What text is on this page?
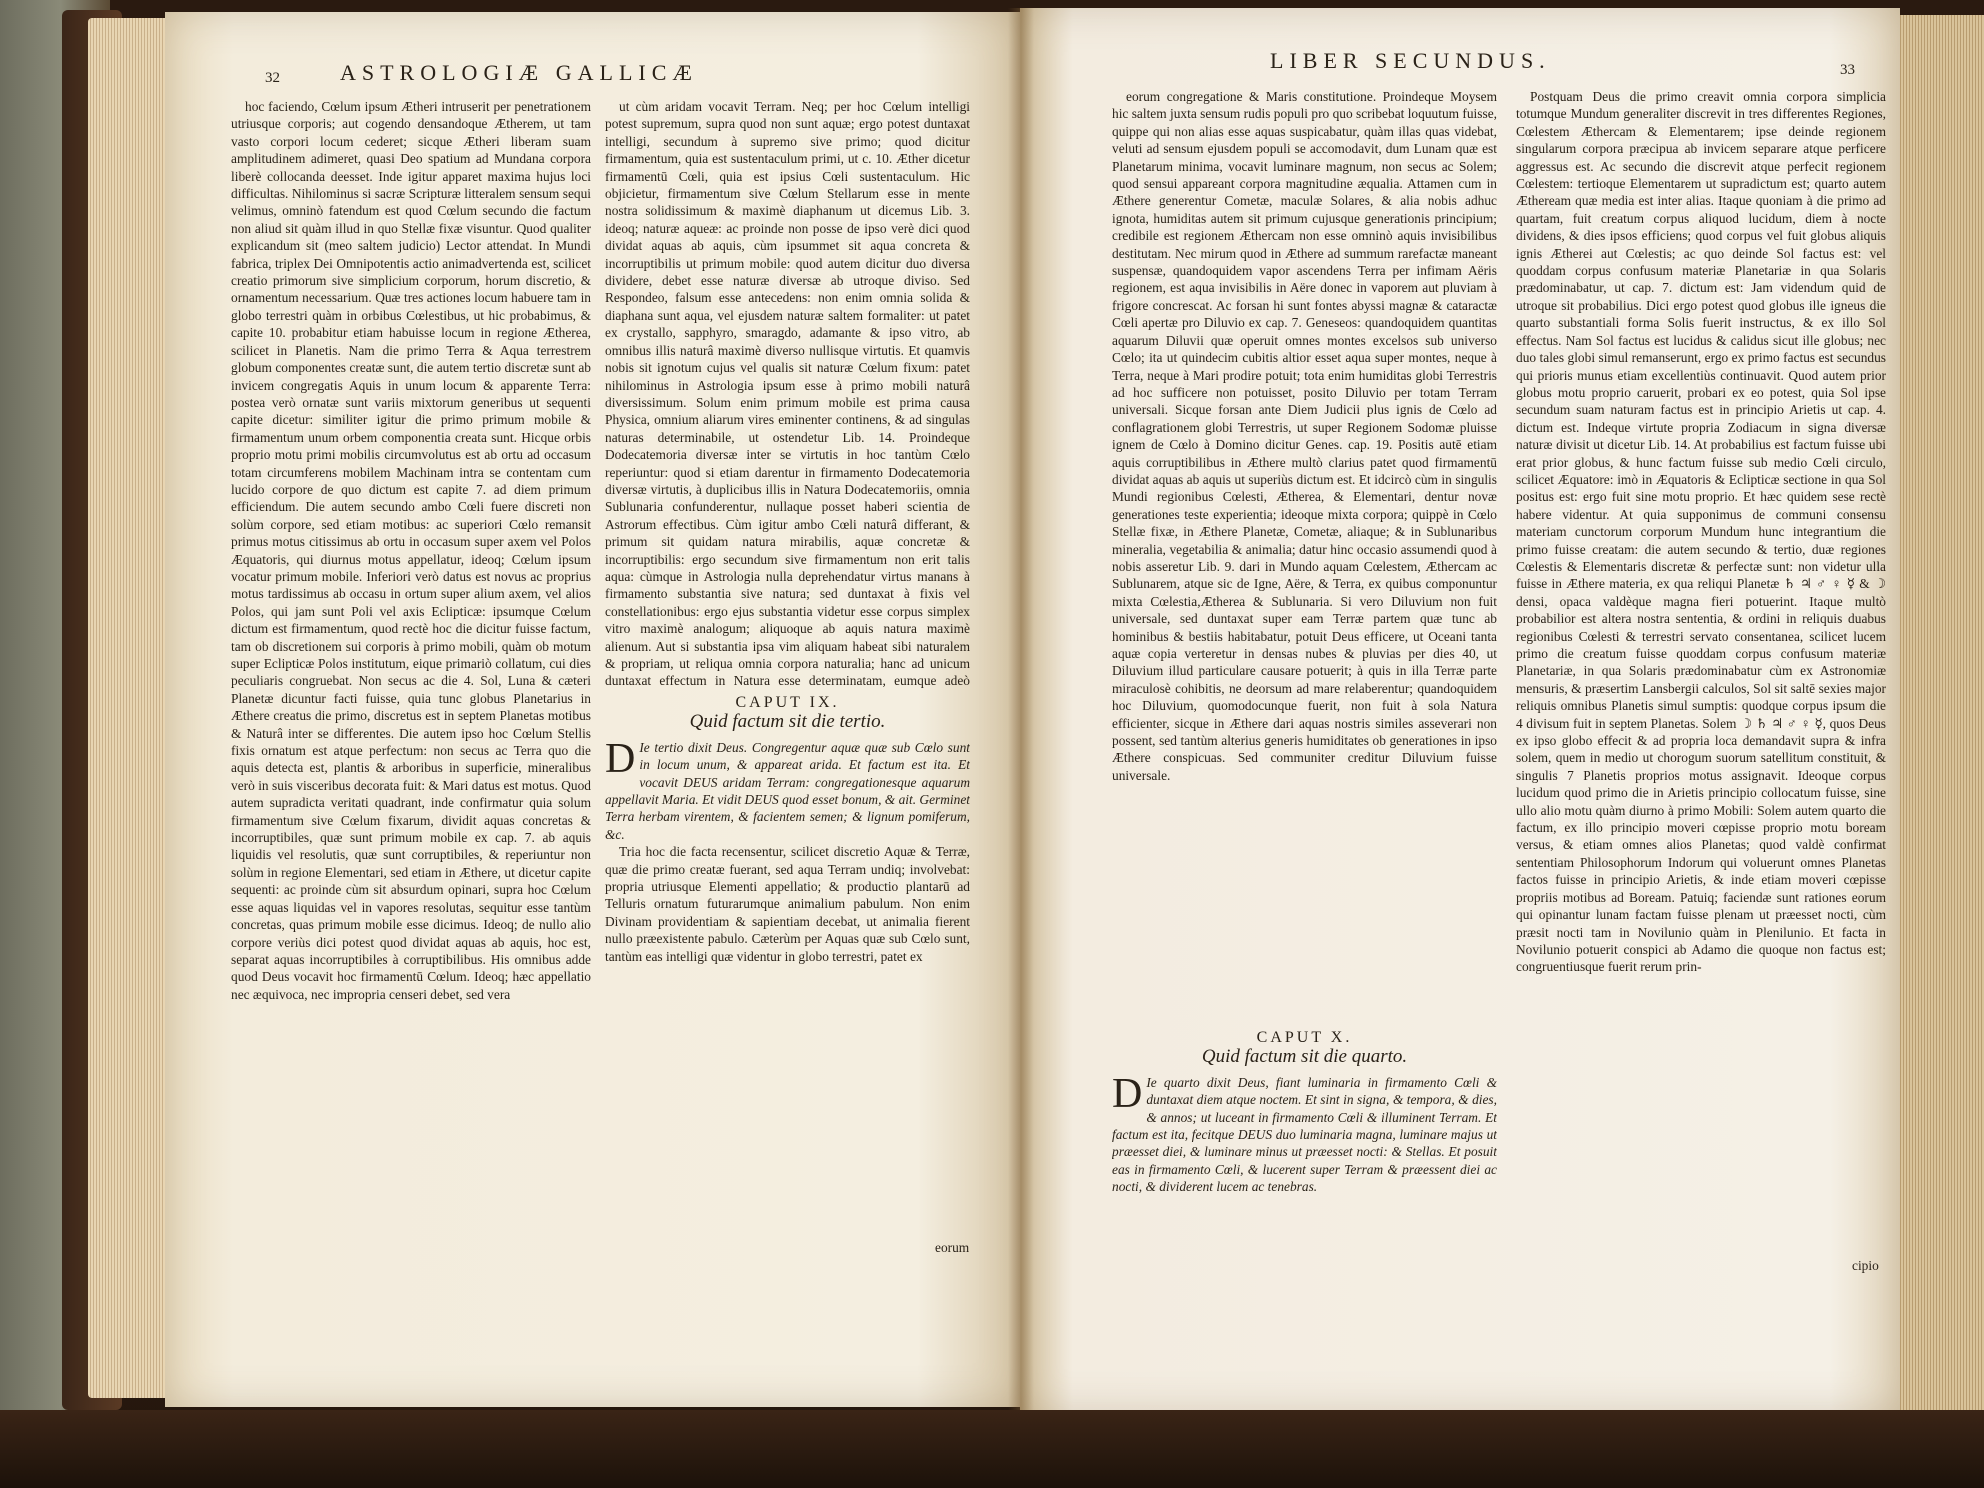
32	ASTROLOGIÆ GALLICÆ

hoc faciendo, Cœlum ipsum Ætheri intruserit per penetrationem utriusque corporis; aut cogendo densandoque Ætherem, ut tam vasto corpori locum cederet; sicque Ætheri liberam suam amplitudinem adimeret, quasi Deo spatium ad Mundana corpora liberè collocanda deesset. Inde igitur apparet maxima hujus loci difficultas. Nihilominus si sacræ Scripturæ litteralem sensum sequi velimus, omninò fatendum est quod Cœlum secundo die factum non aliud sit quàm illud in quo Stellæ fixæ visuntur. Quod qualiter explicandum sit (meo saltem judicio) Lector attendat. In Mundi fabrica, triplex Dei Omnipotentis actio animadvertenda est, scilicet creatio primorum sive simplicium corporum, horum discretio, & ornamentum necessarium. Quæ tres actiones locum habuere tam in globo terrestri quàm in orbibus Cœlestibus, ut hic probabimus, & capite 10. probabitur etiam habuisse locum in regione Ætherea, scilicet in Planetis. Nam die primo Terra & Aqua terrestrem globum componentes creatæ sunt, die autem tertio discretæ sunt ab invicem congregatis Aquis in unum locum & apparente Terra: postea verò ornatæ sunt variis mixtorum generibus ut sequenti capite dicetur: similiter igitur die primo primum mobile & firmamentum unum orbem componentia creata sunt. Hicque orbis proprio motu primi mobilis circumvolutus est ab ortu ad occasum totam circumferens mobilem Machinam intra se contentam cum lucido corpore de quo dictum est capite 7. ad diem primum efficiendum. Die autem secundo ambo Cœli fuere discreti non solùm corpore, sed etiam motibus: ac superiori Cœlo remansit primus motus citissimus ab ortu in occasum super axem vel Polos Æquatoris, qui diurnus motus appellatur, ideoq; Cœlum ipsum vocatur primum mobile. Inferiori verò datus est novus ac proprius motus tardissimus ab occasu in ortum super alium axem, vel alios Polos, qui jam sunt Poli vel axis Eclipticæ: ipsumque Cœlum dictum est firmamentum, quod rectè hoc die dicitur fuisse factum, tam ob discretionem sui corporis à primo mobili, quàm ob motum super Eclipticæ Polos institutum, eique primariò collatum, cui dies peculiaris congruebat. Non secus ac die 4. Sol, Luna & cæteri Planetæ dicuntur facti fuisse, quia tunc globus Planetarius in Æthere creatus die primo, discretus est in septem Planetas motibus & Naturâ inter se differentes. Die autem ipso hoc Cœlum Stellis fixis ornatum est atque perfectum: non secus ac Terra quo die aquis detecta est, plantis & arboribus in superficie, mineralibus verò in suis visceribus decorata fuit: & Mari datus est motus. Quod autem supradicta veritati quadrant, inde confirmatur quia solum firmamentum sive Cœlum fixarum, dividit aquas concretas & incorruptibiles, quæ sunt primum mobile ex cap. 7. ab aquis liquidis vel resolutis, quæ sunt corruptibiles, & reperiuntur non solùm in regione Elementari, sed etiam in Æthere, ut dicetur capite sequenti: ac proinde cùm sit absurdum opinari, supra hoc Cœlum esse aquas liquidas vel in vapores resolutas, sequitur esse tantùm concretas, quas primum mobile esse dicimus. Ideoq; de nullo alio corpore veriùs dici potest quod dividat aquas ab aquis, hoc est, separat aquas incorruptibiles à corruptibilibus. His omnibus adde quod Deus vocavit hoc firmamentū Cœlum. Ideoq; hæc appellatio nec æquivoca, nec impropria censeri debet, sed vera

ut cùm aridam vocavit Terram. Neq; per hoc Cœlum intelligi potest supremum, supra quod non sunt aquæ; ergo potest duntaxat intelligi, secundum à supremo sive primo; quod dicitur firmamentum, quia est sustentaculum primi, ut c. 10. Æther dicetur firmamentū Cœli, quia est ipsius Cœli sustentaculum. Hic objicietur, firmamentum sive Cœlum Stellarum esse in mente nostra solidissimum & maximè diaphanum ut dicemus Lib. 3. ideoq; naturæ aqueæ: ac proinde non posse de ipso verè dici quod dividat aquas ab aquis, cùm ipsummet sit aqua concreta & incorruptibilis ut primum mobile: quod autem dicitur duo diversa dividere, debet esse naturæ diversæ ab utroque diviso. Sed Respondeo, falsum esse antecedens: non enim omnia solida & diaphana sunt aqua, vel ejusdem naturæ saltem formaliter: ut patet ex crystallo, sapphyro, smaragdo, adamante & ipso vitro, ab omnibus illis naturâ maximè diverso nullisque virtutis. Et quamvis nobis sit ignotum cujus vel qualis sit naturæ Cœlum fixum: patet nihilominus in Astrologia ipsum esse à primo mobili naturâ diversissimum. Solum enim primum mobile est prima causa Physica, omnium aliarum vires eminenter continens, & ad singulas naturas determinabile, ut ostendetur Lib. 14. Proindeque Dodecatemoria diversæ inter se virtutis in hoc tantùm Cœlo reperiuntur: quod si etiam darentur in firmamento Dodecatemoria diversæ virtutis, à duplicibus illis in Natura Dodecatemoriis, omnia Sublunaria confunderentur, nullaque posset haberi scientia de Astrorum effectibus. Cùm igitur ambo Cœli naturâ differant, & primum sit quidam natura mirabilis, aquæ concretæ & incorruptibilis: ergo secundum sive firmamentum non erit talis aqua: cùmque in Astrologia nulla deprehendatur virtus manans à firmamento substantia sive natura; sed duntaxat à fixis vel constellationibus: ergo ejus substantia videtur esse corpus simplex vitro maximè analogum; aliquoque ab aquis natura maximè alienum. Aut si substantia ipsa vim aliquam habeat sibi naturalem & propriam, ut reliqua omnia corpora naturalia; hanc ad unicum duntaxat effectum in Natura esse determinatam, eumque adeò

CAPUT IX.
Quid factum sit die tertio.

D Ie tertio dixit Deus. Congregentur aquæ quæ sub Cœlo sunt in locum unum, & appareat arida. Et factum est ita. Et vocavit DEUS aridam Terram: congregationesque aquarum appellavit Maria. Et vidit DEUS quod esset bonum, & ait. Germinet Terra herbam virentem, & facientem semen; & lignum pomiferum, &c.

Tria hoc die facta recensentur, scilicet discretio Aquæ & Terræ, quæ die primo creatæ fuerant, sed aqua Terram undiq; involvebat: propria utriusque Elementi appellatio; & productio plantarū ad Telluris ornatum futurarumque animalium pabulum. Non enim Divinam providentiam & sapientiam decebat, ut animalia fierent nullo præexistente pabulo. Cæterùm per Aquas quæ sub Cœlo sunt, tantùm eas intelligi quæ videntur in globo terrestri, patet ex

eorum
LIBER SECUNDUS.	33

eorum congregatione & Maris constitutione. Proindeque Moysem hic saltem juxta sensum rudis populi pro quo scribebat loquutum fuisse, quippe qui non alias esse aquas suspicabatur, quàm illas quas videbat, veluti ad sensum ejusdem populi se accomodavit, dum Lunam quæ est Planetarum minima, vocavit luminare magnum, non secus ac Solem; quod sensui appareant corpora magnitudine æqualia. Attamen cum in Æthere generentur Cometæ, maculæ Solares, & alia nobis adhuc ignota, humiditas autem sit primum cujusque generationis principium; credibile est regionem Æthercam non esse omninò aquis invisibilibus destitutam. Nec mirum quod in Æthere ad summum rarefactæ maneant suspensæ, quandoquidem vapor ascendens Terra per infimam Aëris regionem, est aqua invisibilis in Aëre donec in vaporem aut pluviam à frigore concrescat. Ac forsan hi sunt fontes abyssi magnæ & cataractæ Cœli apertæ pro Diluvio ex cap. 7. Geneseos: quandoquidem quantitas aquarum Diluvii quæ operuit omnes montes excelsos sub universo Cœlo; ita ut quindecim cubitis altior esset aqua super montes, neque à Terra, neque à Mari prodire potuit; tota enim humiditas globi Terrestris ad hoc sufficere non potuisset, posito Diluvio per totam Terram universali. Sicque forsan ante Diem Judicii plus ignis de Cœlo ad conflagrationem globi Terrestris, ut super Regionem Sodomæ pluisse ignem de Cœlo à Domino dicitur Genes. cap. 19. Positis autē etiam aquis corruptibilibus in Æthere multò clarius patet quod firmamentū dividat aquas ab aquis ut superiùs dictum est. Et idcircò cùm in singulis Mundi regionibus Cœlesti, Ætherea, & Elementari, dentur novæ generationes teste experientia; ideoque mixta corpora; quippè in Cœlo Stellæ fixæ, in Æthere Planetæ, Cometæ, aliaque; & in Sublunaribus mineralia, vegetabilia & animalia; datur hinc occasio assumendi quod à nobis asseretur Lib. 9. dari in Mundo aquam Cœlestem, Æthercam ac Sublunarem, atque sic de Igne, Aëre, & Terra, ex quibus componuntur mixta Cœlestia,Ætherea & Sublunaria. Si vero Diluvium non fuit universale, sed duntaxat super eam Terræ partem quæ tunc ab hominibus & bestiis habitabatur, potuit Deus efficere, ut Oceani tanta aquæ copia verteretur in densas nubes & pluvias per dies 40, ut Diluvium illud particulare causare potuerit; à quis in illa Terræ parte miraculosè cohibitis, ne deorsum ad mare relaberentur; quandoquidem hoc Diluvium, quomodocunque fuerit, non fuit à sola Natura efficienter, sicque in Æthere dari aquas nostris similes asseverari non possent, sed tantùm alterius generis humiditates ob generationes in ipso Æthere conspicuas. Sed communiter creditur Diluvium fuisse universale.

CAPUT X.
Quid factum sit die quarto.

D Ie quarto dixit Deus, fiant luminaria in firmamento Cœli & duntaxat diem atque noctem. Et sint in signa, & tempora, & dies, & annos; ut luceant in firmamento Cœli & illuminent Terram. Et factum est ita, fecitque DEUS duo luminaria magna, luminare majus ut præesset diei, & luminare minus ut præesset nocti: & Stellas. Et posuit eas in firmamento Cœli, & lucerent super Terram & præessent diei ac nocti, & dividerent lucem ac tenebras.

Postquam Deus die primo creavit omnia corpora simplicia totumque Mundum generaliter discrevit in tres differentes Regiones, Cœlestem Æthercam & Elementarem; ipse deinde regionem singularum corpora præcipua ab invicem separare atque perficere aggressus est. Ac secundo die discrevit atque perfecit regionem Cœlestem: tertioque Elementarem ut supradictum est; quarto autem Ætheream quæ media est inter alias. Itaque quoniam à die primo ad quartam, fuit creatum corpus aliquod lucidum, diem à nocte dividens, & dies ipsos efficiens; quod corpus vel fuit globus aliquis ignis Ætherei aut Cœlestis; ac quo deinde Sol factus est: vel quoddam corpus confusum materiæ Planetariæ in qua Solaris prædominabatur, ut cap. 7. dictum est: Jam videndum quid de utroque sit probabilius. Dici ergo potest quod globus ille igneus die quarto substantiali forma Solis fuerit instructus, & ex illo Sol effectus. Nam Sol factus est lucidus & calidus sicut ille globus; nec duo tales globi simul remanserunt, ergo ex primo factus est secundus qui prioris munus etiam excellentiùs continuavit. Quod autem prior globus motu proprio caruerit, probari ex eo potest, quia Sol ipse secundum suam naturam factus est in principio Arietis ut cap. 4. dictum est. Indeque virtute propria Zodiacum in signa diversæ naturæ divisit ut dicetur Lib. 14. At probabilius est factum fuisse ubi erat prior globus, & hunc factum fuisse sub medio Cœli circulo, scilicet Æquatore: imò in Æquatoris & Eclipticæ sectione in qua Sol positus est: ergo fuit sine motu proprio. Et hæc quidem sese rectè habere videntur. At quia supponimus de communi consensu materiam cunctorum corporum Mundum hunc integrantium die primo fuisse creatam: die autem secundo & tertio, duæ regiones Cœlestis & Elementaris discretæ & perfectæ sunt: non videtur ulla fuisse in Æthere materia, ex qua reliqui Planetæ ♄ ♃ ♂ ♀ ☿ & ☽ densi, opaca valdèque magna fieri potuerint. Itaque multò probabilior est altera nostra sententia, & ordini in reliquis duabus regionibus Cœlesti & terrestri servato consentanea, scilicet lucem primo die creatum fuisse quoddam corpus confusum materiæ Planetariæ, in qua Solaris prædominabatur cùm ex Astronomiæ mensuris, & præsertim Lansbergii calculos, Sol sit saltē sexies major reliquis omnibus Planetis simul sumptis: quodque corpus ipsum die 4 divisum fuit in septem Planetas. Solem ☽ ♄ ♃ ♂ ♀ ☿, quos Deus ex ipso globo effecit & ad propria loca demandavit supra & infra solem, quem in medio ut chorogum suorum satellitum constituit, & singulis 7 Planetis proprios motus assignavit. Ideoque corpus lucidum quod primo die in Arietis principio collocatum fuisse, sine ullo alio motu quàm diurno à primo Mobili: Solem autem quarto die factum, ex illo principio moveri cœpisse proprio motu boream versus, & etiam omnes alios Planetas; quod valdè confirmat sententiam Philosophorum Indorum qui voluerunt omnes Planetas factos fuisse in principio Arietis, & inde etiam moveri cœpisse propriis motibus ad Boream. Patuiq; faciendæ sunt rationes eorum qui opinantur lunam factam fuisse plenam ut præesset nocti, cùm præsit nocti tam in Novilunio quàm in Plenilunio. Et facta in Novilunio potuerit conspici ab Adamo die quoque non factus est; congruentiusque fuerit rerum prin-

cipio
